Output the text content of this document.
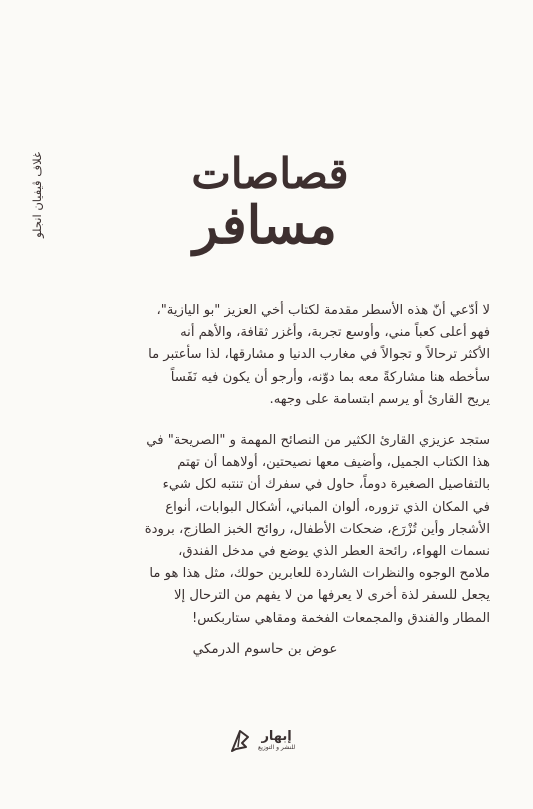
غلاف ڤيفيان انجلو	قصاصات
مسافر
لا أدّعي أنّ هذه الأسطر مقدمة لكتاب أخي العزيز "بو اليازية"،
فهو أعلى كعباً مني، وأوسع تجربة، وأغزر ثقافة، والأهم أنه
الأكثر ترحالاً و تجوالاً في مغارب الدنيا و مشارقها، لذا سأعتبر ما
سأخطه هنا مشاركةً معه بما دوّنه، وأرجو أن يكون فيه نَفَساً
يريح القارئ أو يرسم ابتسامة على وجهه.
ستجد عزيزي القارئ الكثير من النصائح المهمة و "الصريحة" في
هذا الكتاب الجميل، وأُضيف معها نصيحتين، أولاهما أن تهتم
بالتفاصيل الصغيرة دوماً، حاول في سفرك أن تنتبه لكل شيء
في المكان الذي تزوره، ألوان المباني، أشكال البوابات، أنواع
الأشجار وأين تُزْرَع، ضحكات الأطفال، روائح الخبز الطازج، برودة
نسمات الهواء، رائحة العطر الذي يوضع في مدخل الفندق،
ملامح الوجوه والنظرات الشاردة للعابرين حولك، مثل هذا هو ما
يجعل للسفر لذة أخرى لا يعرفها من لا يفهم من الترحال إلا
المطار والفندق والمجمعات الفخمة ومقاهي ستاربكس!
عوض بن حاسوم الدرمكي
إبهار
للنشر و التوزيع
